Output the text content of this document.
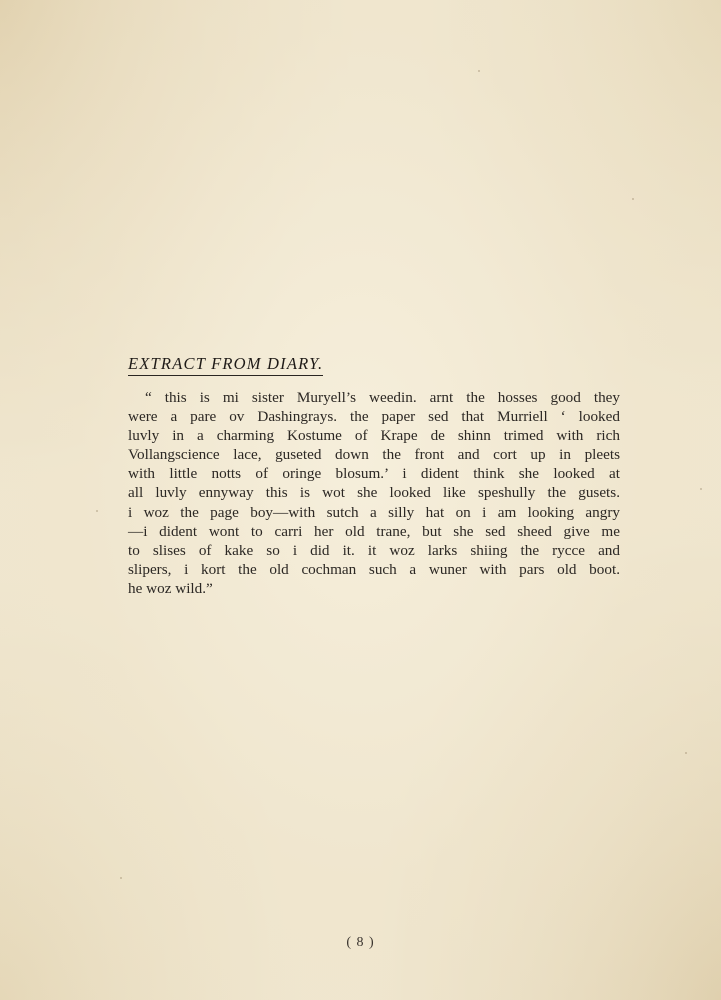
EXTRACT FROM DIARY.
“ this is mi sister Muryell’s weedin. arnt the hosses good they
were a pare ov Dashingrays. the paper sed that Murriell ‘ looked
luvly in a charming Kostume of Krape de shinn trimed with rich
Vollangscience lace, guseted down the front and cort up in pleets
with little notts of oringe blosum.’ i dident think she looked at
all luvly ennyway this is wot she looked like speshully the gusets.
i woz the page boy—with sutch a silly hat on i am looking angry
—i dident wont to carri her old trane, but she sed sheed give me
to slises of kake so i did it. it woz larks shiing the rycce and
slipers, i kort the old cochman such a wuner with pars old boot.
he woz wild.”
( 8 )
